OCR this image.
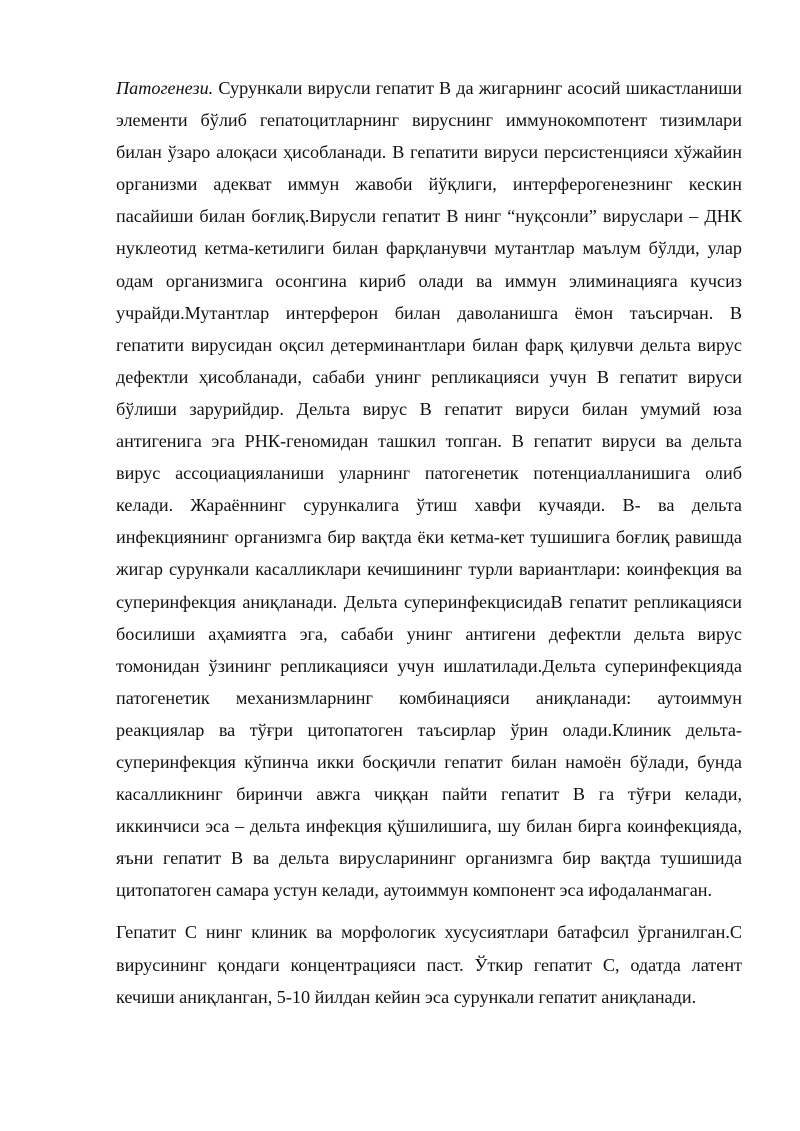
Патогенези. Сурункали вирусли гепатит В да жигарнинг асосий шикастланиши элементи бўлиб гепатоцитларнинг вируснинг иммунокомпотент тизимлари билан ўзаро алоқаси ҳисобланади. В гепатити вируси персистенцияси хўжайин организми адекват иммун жавоби йўқлиги, интерферогенезнинг кескин пасайиши билан боғлиқ.Вирусли гепатит В нинг “нуқсонли” вируслари – ДНК нуклеотид кетма-кетилиги билан фарқланувчи мутантлар маълум бўлди, улар одам организмига осонгина кириб олади ва иммун элиминацияга кучсиз учрайди.Мутантлар интерферон билан даволанишга ёмон таъсирчан. В гепатити вирусидан оқсил детерминантлари билан фарқ қилувчи дельта вирус дефектли ҳисобланади, сабаби унинг репликацияси учун В гепатит вируси бўлиши зарурийдир. Дельта вирус В гепатит вируси билан умумий юза антигенига эга РНК-геномидан ташкил топган. В гепатит вируси ва дельта вирус ассоциацияланиши уларнинг патогенетик потенциалланишига олиб келади. Жараённинг сурункалига ўтиш хавфи кучаяди. В- ва дельта инфекциянинг организмга бир вақтда ёки кетма-кет тушишига боғлиқ равишда жигар сурункали касалликлари кечишининг турли вариантлари: коинфекция ва суперинфекция аниқланади. Дельта суперинфекцисидаВ гепатит репликацияси босилиши аҳамиятга эга, сабаби унинг антигени дефектли дельта вирус томонидан ўзининг репликацияси учун ишлатилади.Дельта суперинфекцияда патогенетик механизмларнинг комбинацияси аниқланади: аутоиммун реакциялар ва тўғри цитопатоген таъсирлар ўрин олади.Клиник дельта-суперинфекция кўпинча икки босқичли гепатит билан намоён бўлади, бунда касалликнинг биринчи авжга чиққан пайти гепатит В га тўғри келади, иккинчиси эса – дельта инфекция қўшилишига, шу билан бирга коинфекцияда, яъни гепатит В ва дельта вирусларининг организмга бир вақтда тушишида цитопатоген самара устун келади, аутоиммун компонент эса ифодаланмаган.

Гепатит С нинг клиник ва морфологик хусусиятлари батафсил ўрганилган.С вирусининг қондаги концентрацияси паст. Ўткир гепатит С, одатда латент кечиши аниқланган, 5-10 йилдан кейин эса сурункали гепатит аниқланади.
